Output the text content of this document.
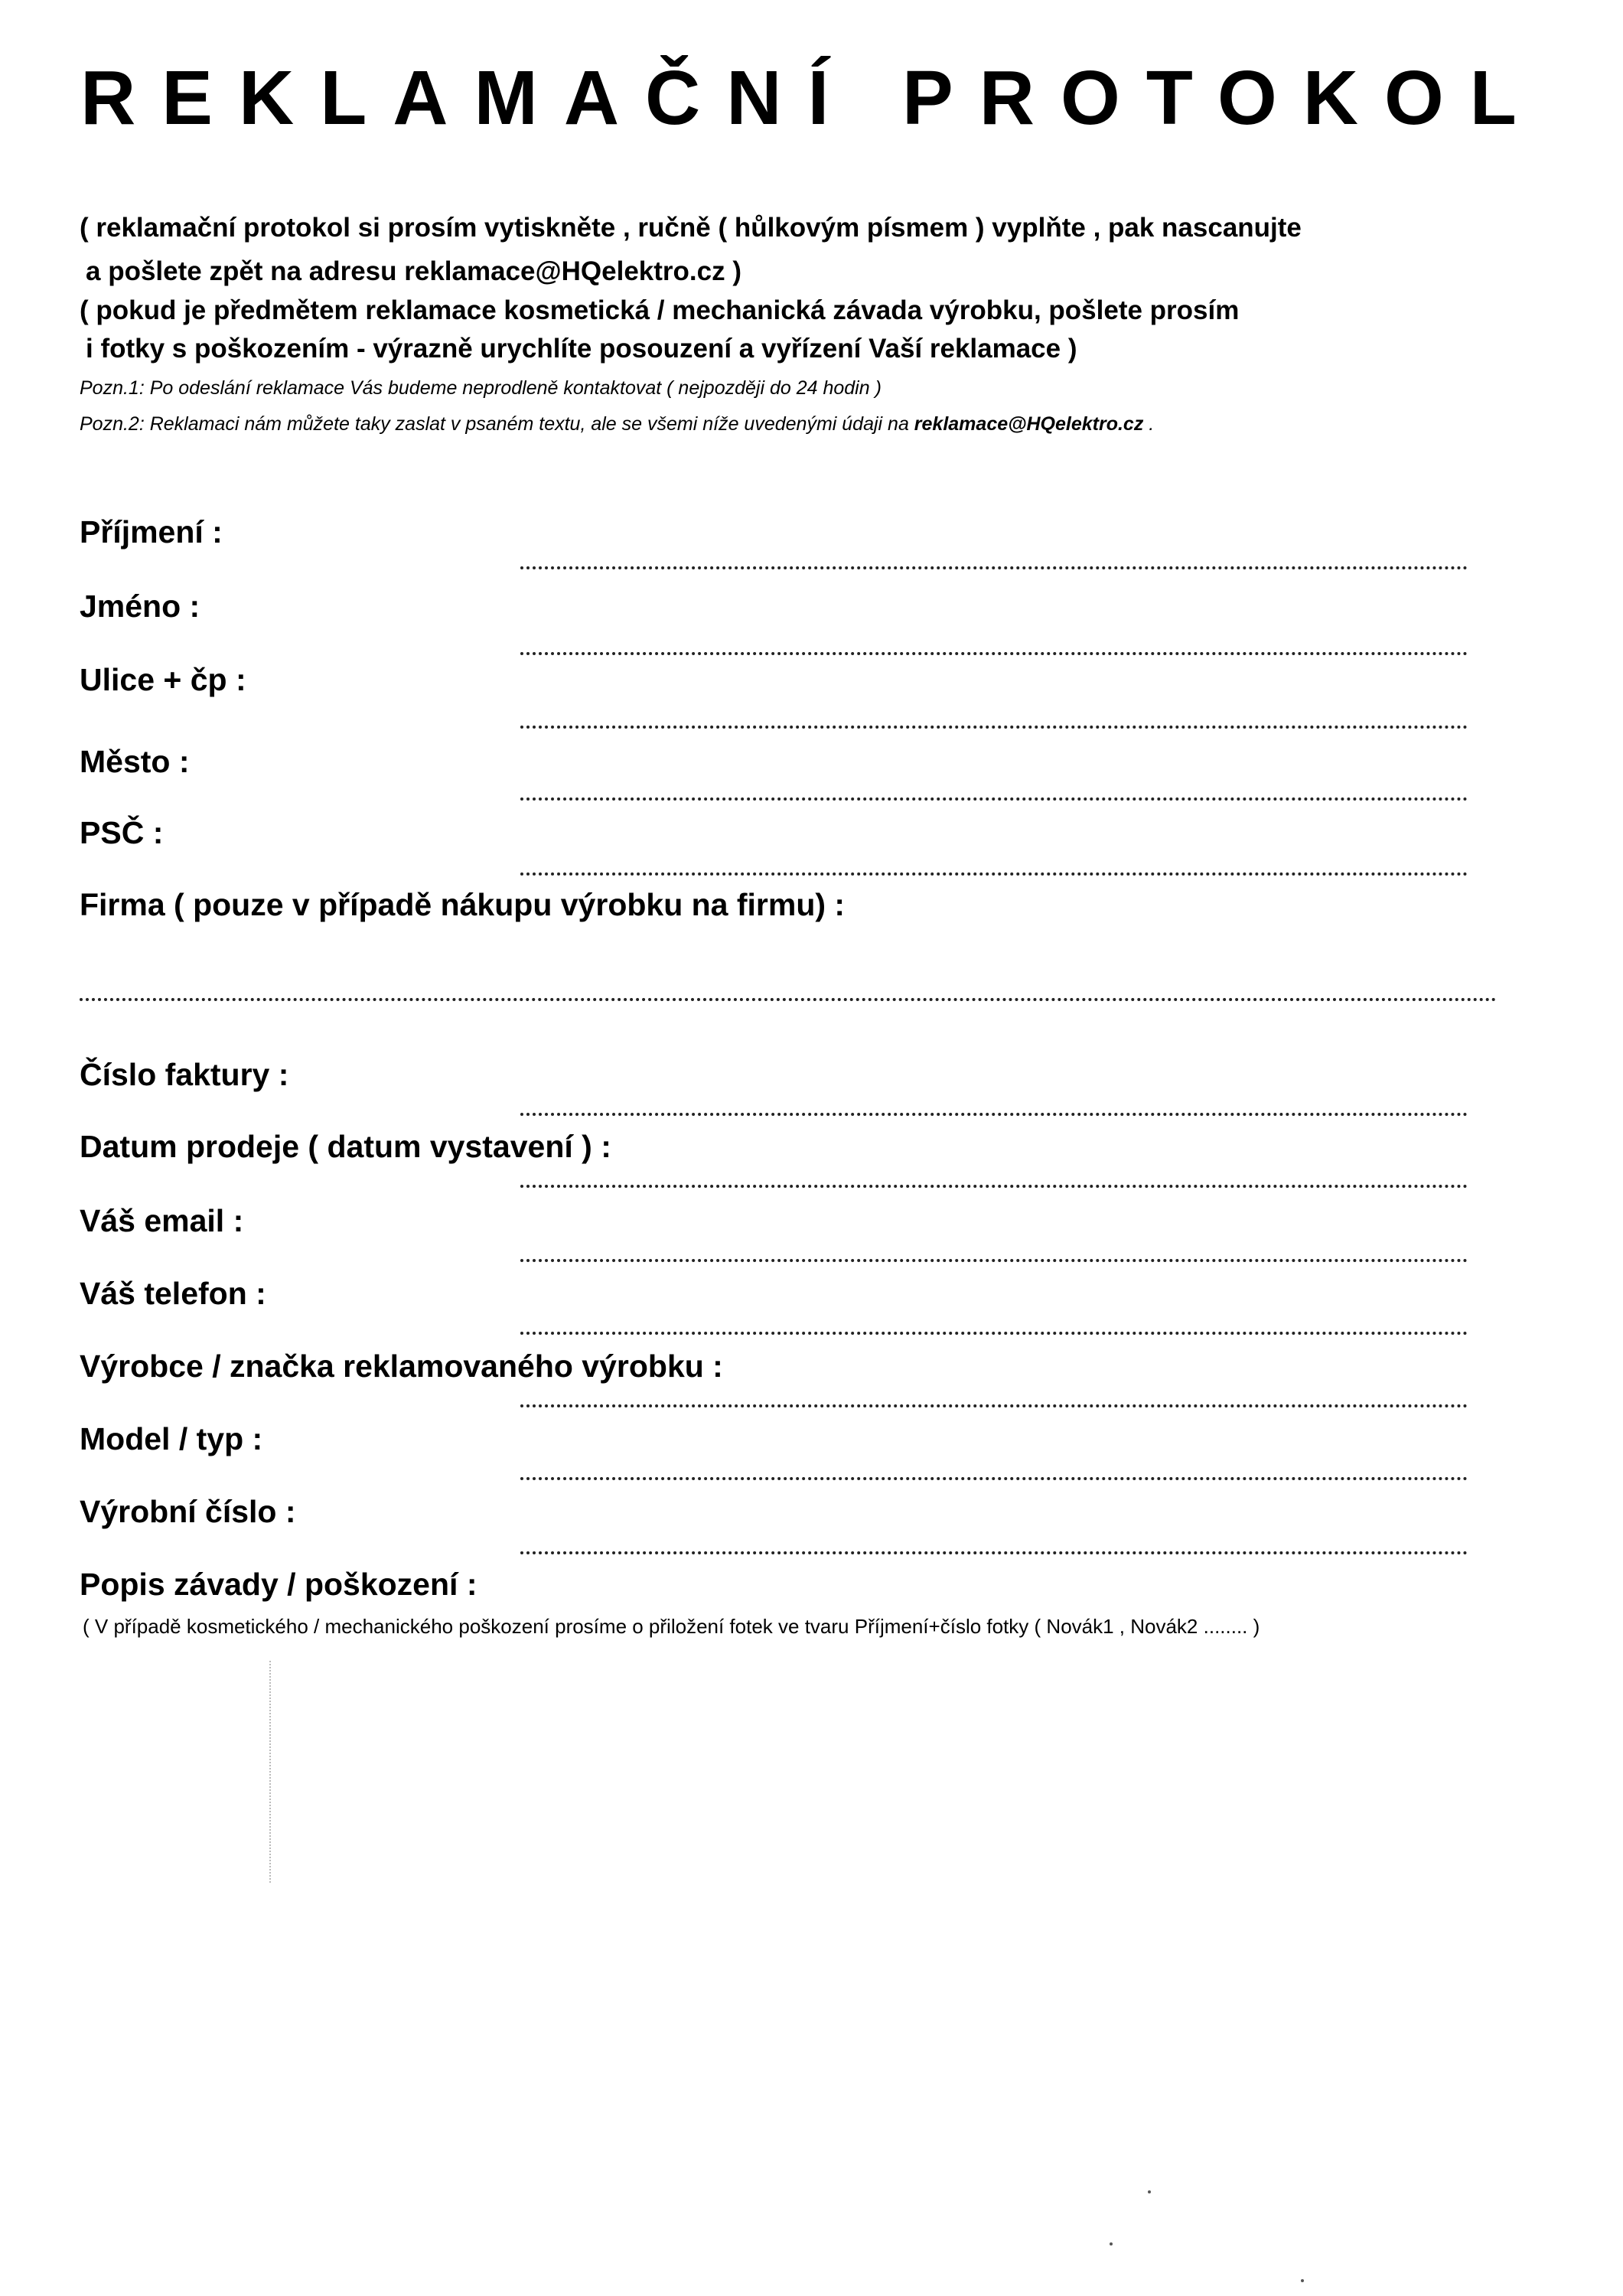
REKLAMAČNÍ PROTOKOL
( reklamační protokol si prosím vytiskněte , ručně ( hůlkovým písmem ) vyplňte , pak nascanujte
a pošlete zpět na adresu reklamace@HQelektro.cz )
( pokud je předmětem reklamace kosmetická / mechanická závada výrobku, pošlete prosím
i fotky s poškozením - výrazně urychlíte posouzení a vyřízení Vaší reklamace )
Pozn.1: Po odeslání reklamace Vás budeme neprodleně kontaktovat ( nejpozději do 24 hodin )
Pozn.2: Reklamaci nám můžete taky zaslat v psaném textu, ale se všemi níže uvedenými údaji na reklamace@HQelektro.cz .
Příjmení :
Jméno :
Ulice + čp :
Město :
PSČ :
Firma ( pouze v případě nákupu výrobku na firmu) :
Číslo faktury :
Datum prodeje ( datum vystavení ) :
Váš email :
Váš telefon :
Výrobce / značka reklamovaného výrobku :
Model / typ :
Výrobní číslo :
Popis závady / poškození :
( V případě kosmetického / mechanického poškození prosíme o přiložení fotek ve tvaru Příjmení+číslo fotky ( Novák1 , Novák2 ........ )
